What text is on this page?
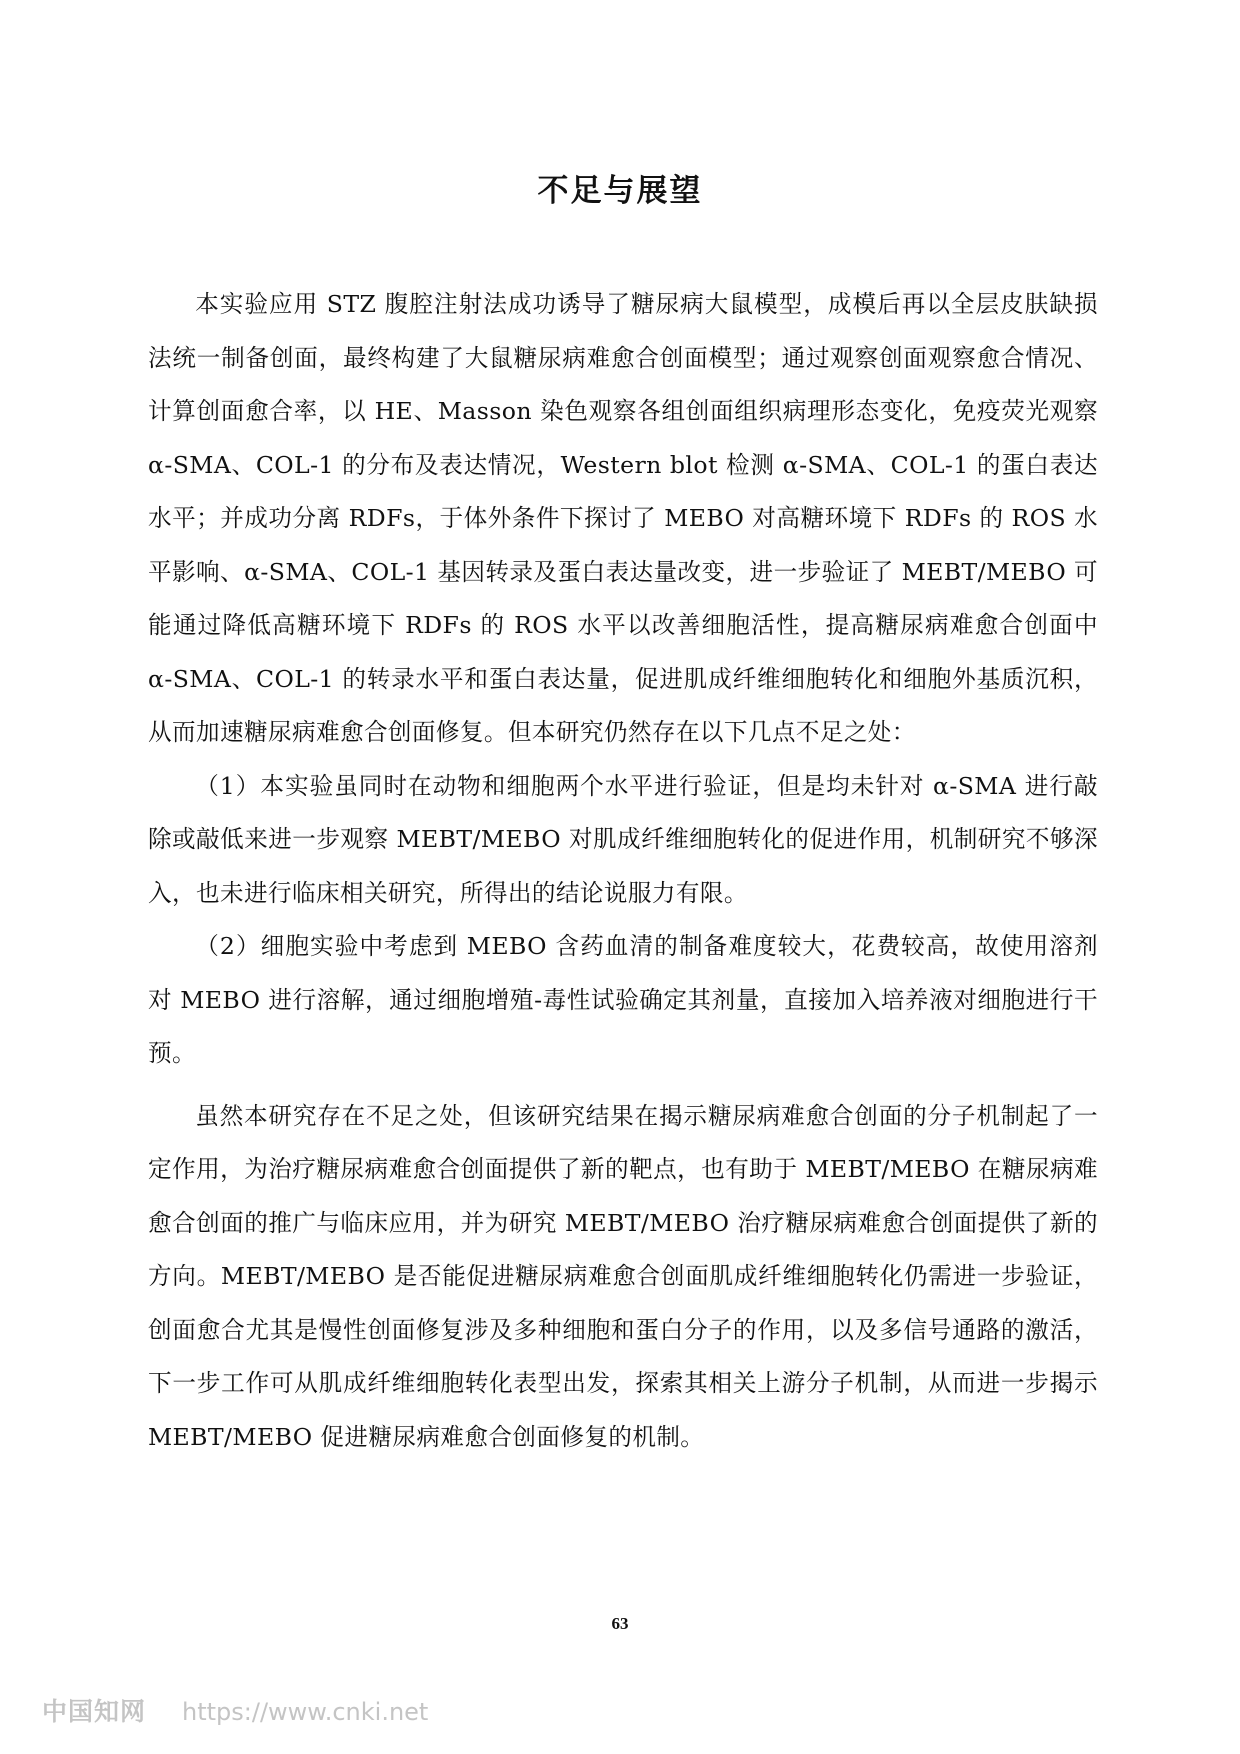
不足与展望

本实验应用 STZ 腹腔注射法成功诱导了糖尿病大鼠模型，成模后再以全层皮肤缺损法统一制备创面，最终构建了大鼠糖尿病难愈合创面模型；通过观察创面观察愈合情况、计算创面愈合率，以 HE、Masson 染色观察各组创面组织病理形态变化，免疫荧光观察 α-SMA、COL-1 的分布及表达情况，Western blot 检测 α-SMA、COL-1 的蛋白表达水平；并成功分离 RDFs，于体外条件下探讨了 MEBO 对高糖环境下 RDFs 的 ROS 水平影响、α-SMA、COL-1 基因转录及蛋白表达量改变，进一步验证了 MEBT/MEBO 可能通过降低高糖环境下 RDFs 的 ROS 水平以改善细胞活性，提高糖尿病难愈合创面中 α-SMA、COL-1 的转录水平和蛋白表达量，促进肌成纤维细胞转化和细胞外基质沉积，从而加速糖尿病难愈合创面修复。但本研究仍然存在以下几点不足之处：

（1）本实验虽同时在动物和细胞两个水平进行验证，但是均未针对 α-SMA 进行敲除或敲低来进一步观察 MEBT/MEBO 对肌成纤维细胞转化的促进作用，机制研究不够深入，也未进行临床相关研究，所得出的结论说服力有限。

（2）细胞实验中考虑到 MEBO 含药血清的制备难度较大，花费较高，故使用溶剂对 MEBO 进行溶解，通过细胞增殖-毒性试验确定其剂量，直接加入培养液对细胞进行干预。

虽然本研究存在不足之处，但该研究结果在揭示糖尿病难愈合创面的分子机制起了一定作用，为治疗糖尿病难愈合创面提供了新的靶点，也有助于 MEBT/MEBO 在糖尿病难愈合创面的推广与临床应用，并为研究 MEBT/MEBO 治疗糖尿病难愈合创面提供了新的方向。MEBT/MEBO 是否能促进糖尿病难愈合创面肌成纤维细胞转化仍需进一步验证，创面愈合尤其是慢性创面修复涉及多种细胞和蛋白分子的作用，以及多信号通路的激活，下一步工作可从肌成纤维细胞转化表型出发，探索其相关上游分子机制，从而进一步揭示 MEBT/MEBO 促进糖尿病难愈合创面修复的机制。

63
中国知网 https://www.cnki.net
